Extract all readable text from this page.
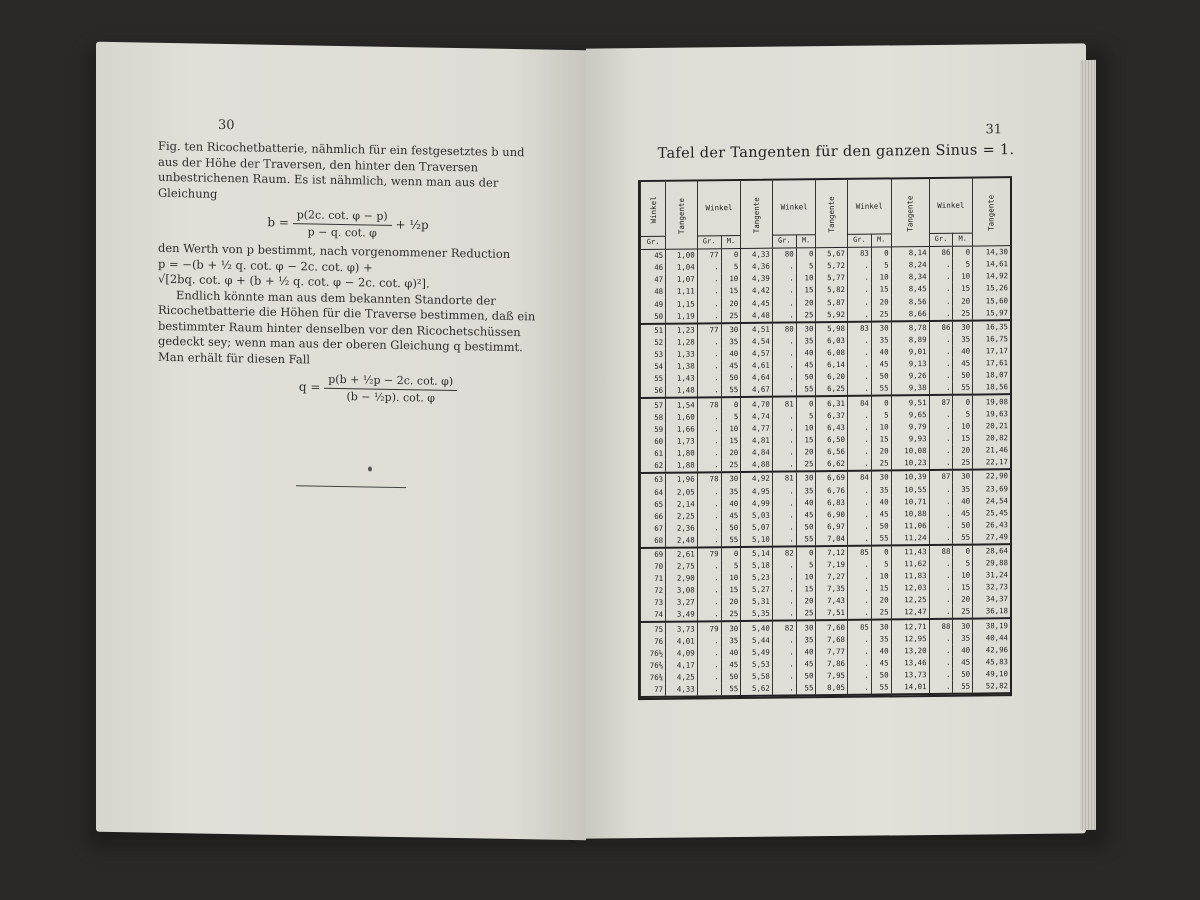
30

Fig. ten Ricochetbatterie, nähmlich für ein festgesetztes b und aus der Höhe der Traversen, den hinter den Traversen unbestrichenen Raum. Es ist nähmlich, wenn man aus der Gleichung

$b = \frac{p(2c. \cot. \varphi - p)}{p - q. \cot. \varphi}$ + ½p

den Werth von p bestimmt, nach vorgenommener Reduction

p = −(b + ½ q. cot. φ − 2c. cot. φ) +

√[2bq. cot. φ + (b + ½ q. cot. φ − 2c. cot. φ)²].

Endlich könnte man aus dem bekannten Standorte der Ricochetbatterie die Höhen für die Traverse bestimmen, daß ein bestimmter Raum hinter denselben vor den Ricochetschüssen gedeckt sey; wenn man aus der oberen Gleichung q bestimmt. Man erhält für diesen Fall

$q = \frac{\text{p(b + ½p − 2c. cot. φ)}}{\text{(b − ½p). cot. φ}}$
31
Tafel der Tangenten für den ganzen Sinus = 1.
Winkel	Tangente	Winkel		Tangente	Winkel		Tangente	Winkel		Tangente	Winkel		Tangente
Gr.		Gr.	M.		Gr.	M.		Gr.	M.		Gr.	M.	
45	1,00	77	0	4,33	80	0	5,67	83	0	8,14	86	0	14,30
46	1,04	.	5	4,36	.	5	5,72	.	5	8,24	.	5	14,61
47	1,07	.	10	4,39	.	10	5,77	.	10	8,34	.	10	14,92
48	1,11	.	15	4,42	.	15	5,82	.	15	8,45	.	15	15,26
49	1,15	.	20	4,45	.	20	5,87	.	20	8,56	.	20	15,60
50	1,19	.	25	4,48	.	25	5,92	.	25	8,66	.	25	15,97
51	1,23	77	30	4,51	80	30	5,98	83	30	8,78	86	30	16,35
52	1,28	.	35	4,54	.	35	6,03	.	35	8,89	.	35	16,75
53	1,33	.	40	4,57	.	40	6,08	.	40	9,01	.	40	17,17
54	1,38	.	45	4,61	.	45	6,14	.	45	9,13	.	45	17,61
55	1,43	.	50	4,64	.	50	6,20	.	50	9,26	.	50	18,07
56	1,48	.	55	4,67	.	55	6,25	.	55	9,38	.	55	18,56
57	1,54	78	0	4,70	81	0	6,31	84	0	9,51	87	0	19,08
58	1,60	.	5	4,74	.	5	6,37	.	5	9,65	.	5	19,63
59	1,66	.	10	4,77	.	10	6,43	.	10	9,79	.	10	20,21
60	1,73	.	15	4,81	.	15	6,50	.	15	9,93	.	15	20,82
61	1,80	.	20	4,84	.	20	6,56	.	20	10,08	.	20	21,46
62	1,88	.	25	4,88	.	25	6,62	.	25	10,23	.	25	22,17
63	1,96	78	30	4,92	81	30	6,69	84	30	10,39	87	30	22,90
64	2,05	.	35	4,95	.	35	6,76	.	35	10,55	.	35	23,69
65	2,14	.	40	4,99	.	40	6,83	.	40	10,71	.	40	24,54
66	2,25	.	45	5,03	.	45	6,90	.	45	10,88	.	45	25,45
67	2,36	.	50	5,07	.	50	6,97	.	50	11,06	.	50	26,43
68	2,48	.	55	5,10	.	55	7,04	.	55	11,24	.	55	27,49
69	2,61	79	0	5,14	82	0	7,12	85	0	11,43	88	0	28,64
70	2,75	.	5	5,18	.	5	7,19	.	5	11,62	.	5	29,88
71	2,90	.	10	5,23	.	10	7,27	.	10	11,83	.	10	31,24
72	3,08	.	15	5,27	.	15	7,35	.	15	12,03	.	15	32,73
73	3,27	.	20	5,31	.	20	7,43	.	20	12,25	.	20	34,37
74	3,49	.	25	5,35	.	25	7,51	.	25	12,47	.	25	36,18
75	3,73	79	30	5,40	82	30	7,60	85	30	12,71	88	30	38,19
76	4,01	.	35	5,44	.	35	7,68	.	35	12,95	.	35	40,44
76½	4,09	.	40	5,49	.	40	7,77	.	40	13,20	.	40	42,96
76⅔	4,17	.	45	5,53	.	45	7,86	.	45	13,46	.	45	45,83
76¾	4,25	.	50	5,58	.	50	7,95	.	50	13,73	.	50	49,10
77	4,33	.	55	5,62	.	55	8,05	.	55	14,01	.	55	52,82
